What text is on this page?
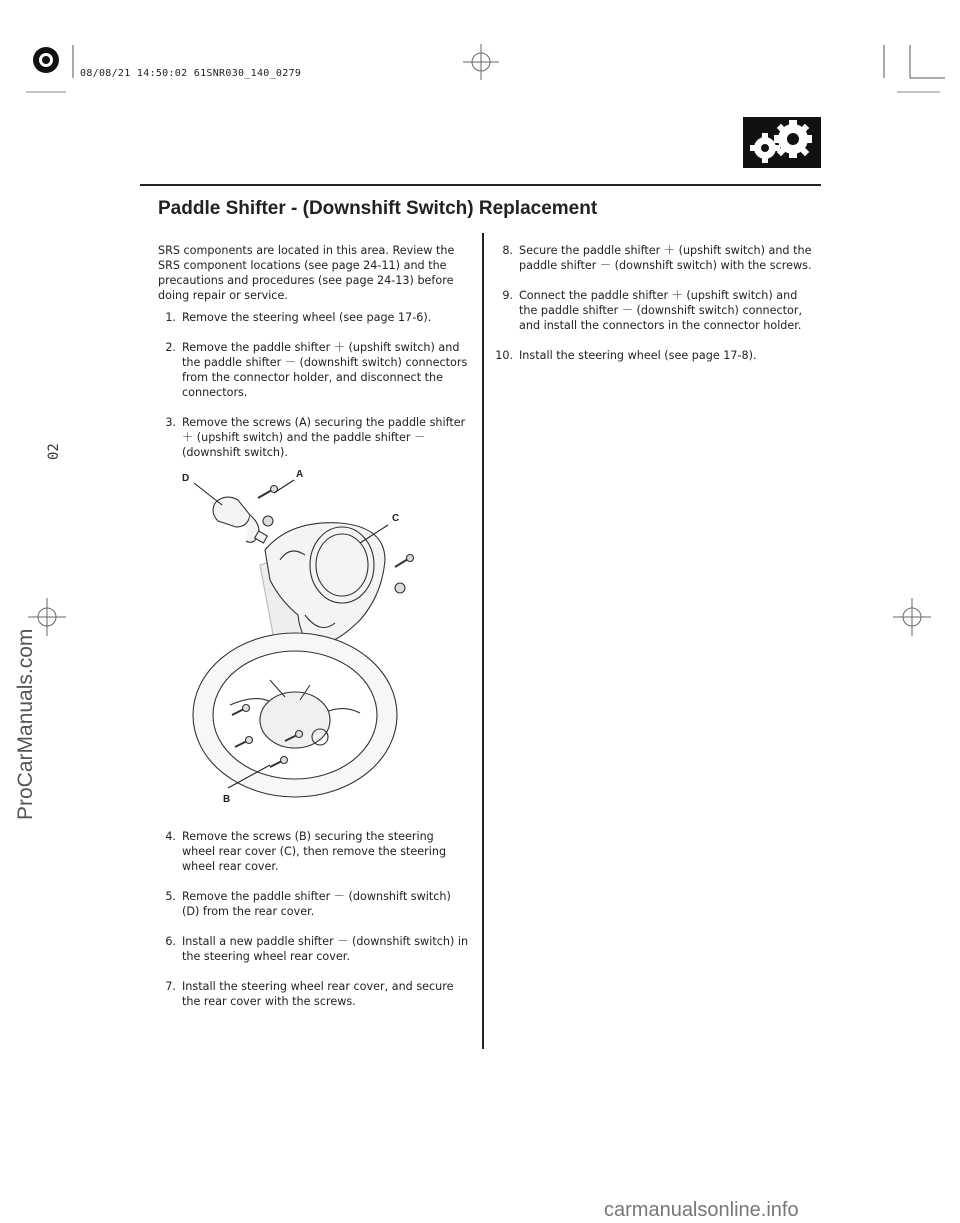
08/08/21 14:50:02 61SNR030_140_0279
Paddle Shifter - (Downshift Switch) Replacement

SRS components are located in this area. Review the SRS component locations (see page 24-11) and the precautions and procedures (see page 24-13) before doing repair or service.

1. Remove the steering wheel (see page 17-6).
2. Remove the paddle shifter ＋ (upshift switch) and the paddle shifter － (downshift switch) connectors from the connector holder, and disconnect the connectors.
3. Remove the screws (A) securing the paddle shifter ＋ (upshift switch) and the paddle shifter － (downshift switch).
D	A
C
B
4. Remove the screws (B) securing the steering wheel rear cover (C), then remove the steering wheel rear cover.
5. Remove the paddle shifter － (downshift switch) (D) from the rear cover.
6. Install a new paddle shifter － (downshift switch) in the steering wheel rear cover.
7. Install the steering wheel rear cover, and secure the rear cover with the screws.
8. Secure the paddle shifter ＋ (upshift switch) and the paddle shifter － (downshift switch) with the screws.
9. Connect the paddle shifter ＋ (upshift switch) and the paddle shifter － (downshift switch) connector, and install the connectors in the connector holder.
10. Install the steering wheel (see page 17-8).
ProCarManuals.com
02
carmanualsonline.info
